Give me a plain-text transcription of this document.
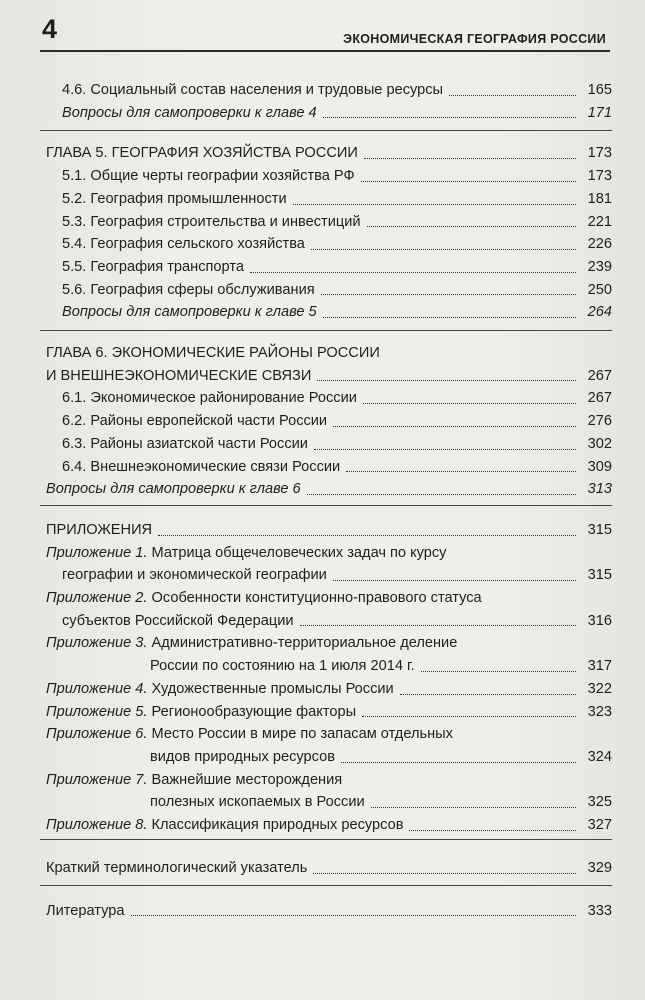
4	ЭКОНОМИЧЕСКАЯ ГЕОГРАФИЯ РОССИИ
4.6. Социальный состав населения и трудовые ресурсы	165
Вопросы для самопроверки к главе 4	171
ГЛАВА 5. ГЕОГРАФИЯ ХОЗЯЙСТВА РОССИИ	173
5.1. Общие черты географии хозяйства РФ	173
5.2. География промышленности	181
5.3. География строительства и инвестиций	221
5.4. География сельского хозяйства	226
5.5. География транспорта	239
5.6. География сферы обслуживания	250
Вопросы для самопроверки к главе 5	264
ГЛАВА 6. ЭКОНОМИЧЕСКИЕ РАЙОНЫ РОССИИ
И ВНЕШНЕЭКОНОМИЧЕСКИЕ СВЯЗИ	267
6.1. Экономическое районирование России	267
6.2. Районы европейской части России	276
6.3. Районы азиатской части России	302
6.4. Внешнеэкономические связи России	309
Вопросы для самопроверки к главе 6	313
ПРИЛОЖЕНИЯ	315
Приложение 1. Матрица общечеловеческих задач по курсу
географии и экономической географии	315
Приложение 2. Особенности конституционно-правового статуса
субъектов Российской Федерации	316
Приложение 3. Административно-территориальное деление
России по состоянию на 1 июля 2014 г.	317
Приложение 4. Художественные промыслы России	322
Приложение 5. Регионообразующие факторы	323
Приложение 6. Место России в мире по запасам отдельных
видов природных ресурсов	324
Приложение 7. Важнейшие месторождения
полезных ископаемых в России	325
Приложение 8. Классификация природных ресурсов	327
Краткий терминологический указатель	329
Литература	333
